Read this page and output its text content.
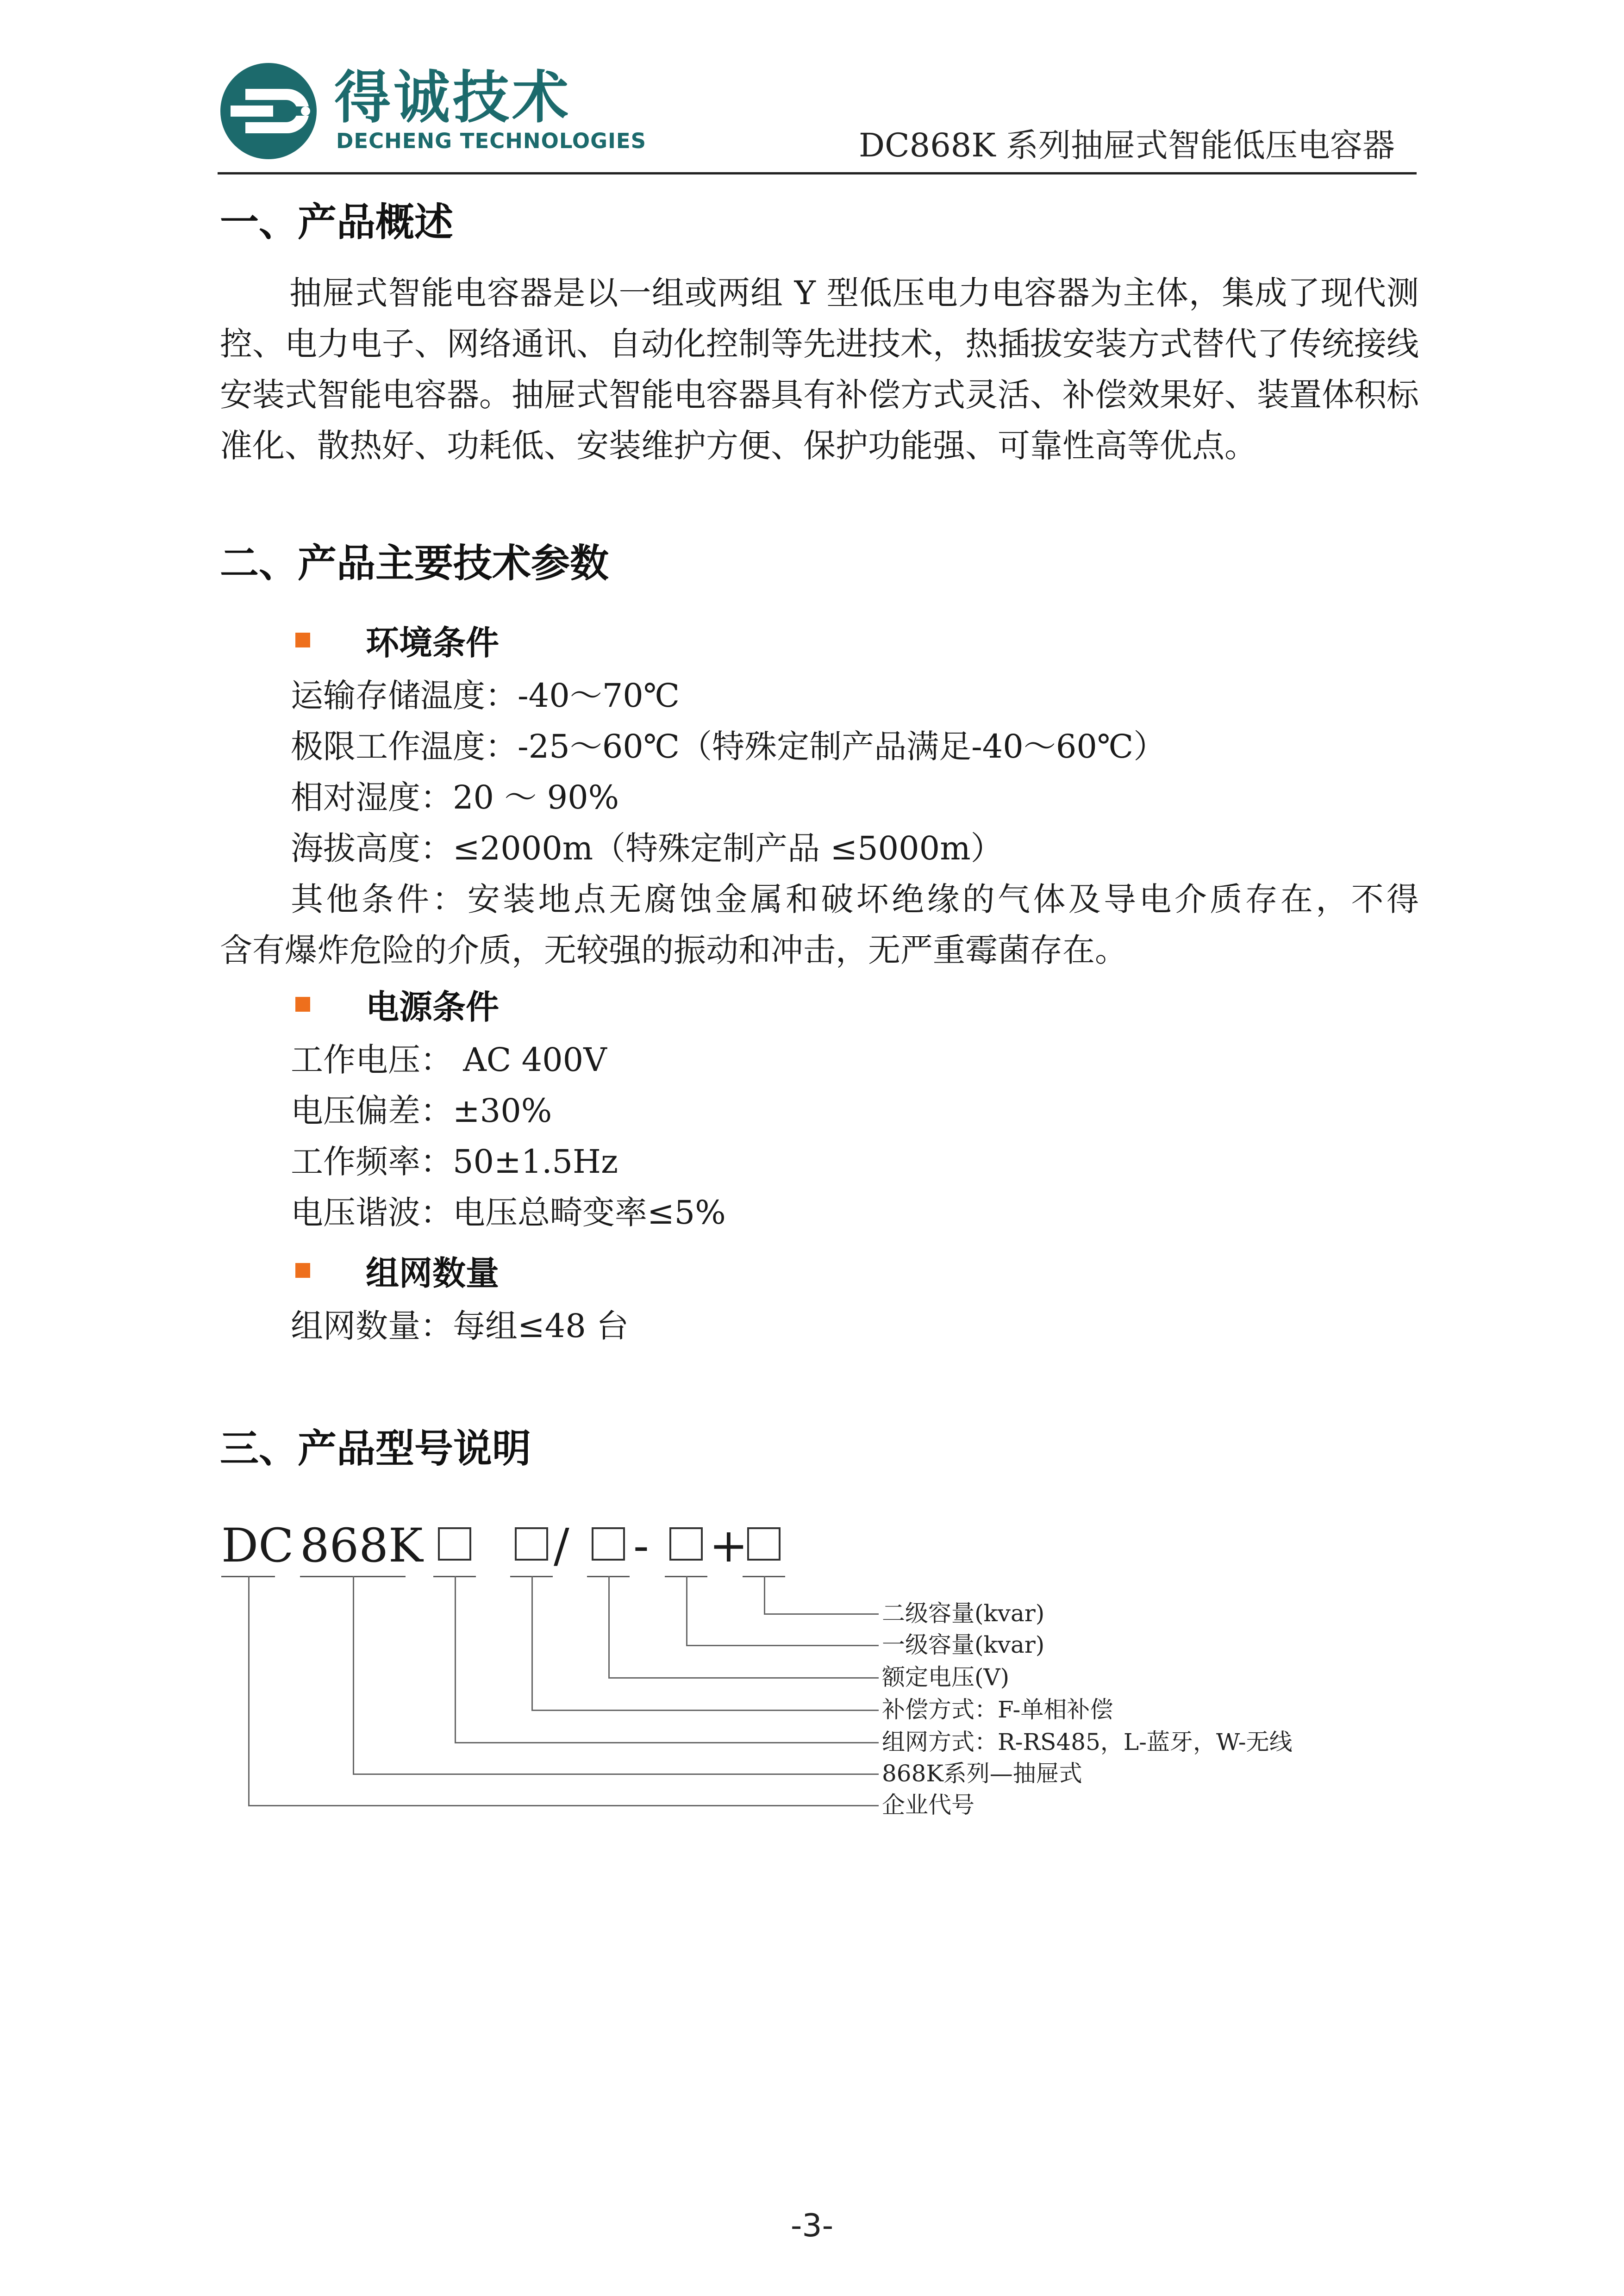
得诚技术
DECHENG TECHNOLOGIES	DC868K 系列抽屉式智能低压电容器
一、产品概述
抽屉式智能电容器是以一组或两组 Y 型低压电力电容器为主体，集成了现代测控、电力电子、网络通讯、自动化控制等先进技术，热插拔安装方式替代了传统接线安装式智能电容器。抽屉式智能电容器具有补偿方式灵活、补偿效果好、装置体积标准化、散热好、功耗低、安装维护方便、保护功能强、可靠性高等优点。
二、产品主要技术参数
环境条件
运输存储温度：-40～70℃
极限工作温度：-25～60℃（特殊定制产品满足-40～60℃）
相对湿度：20 ～ 90%
海拔高度：≤2000m（特殊定制产品 ≤5000m）
其他条件：安装地点无腐蚀金属和破坏绝缘的气体及导电介质存在，不得
含有爆炸危险的介质，无较强的振动和冲击，无严重霉菌存在。
电源条件
工作电压： AC 400V
电压偏差：±30%
工作频率：50±1.5Hz
电压谐波：电压总畸变率≤5%
组网数量
组网数量：每组≤48 台
三、产品型号说明
DC 868K	/ - +
二级容量(kvar)
一级容量(kvar)
额定电压(V)
补偿方式：F-单相补偿
组网方式：R-RS485，L-蓝牙，W-无线
868K系列—抽屉式
企业代号
-3-
